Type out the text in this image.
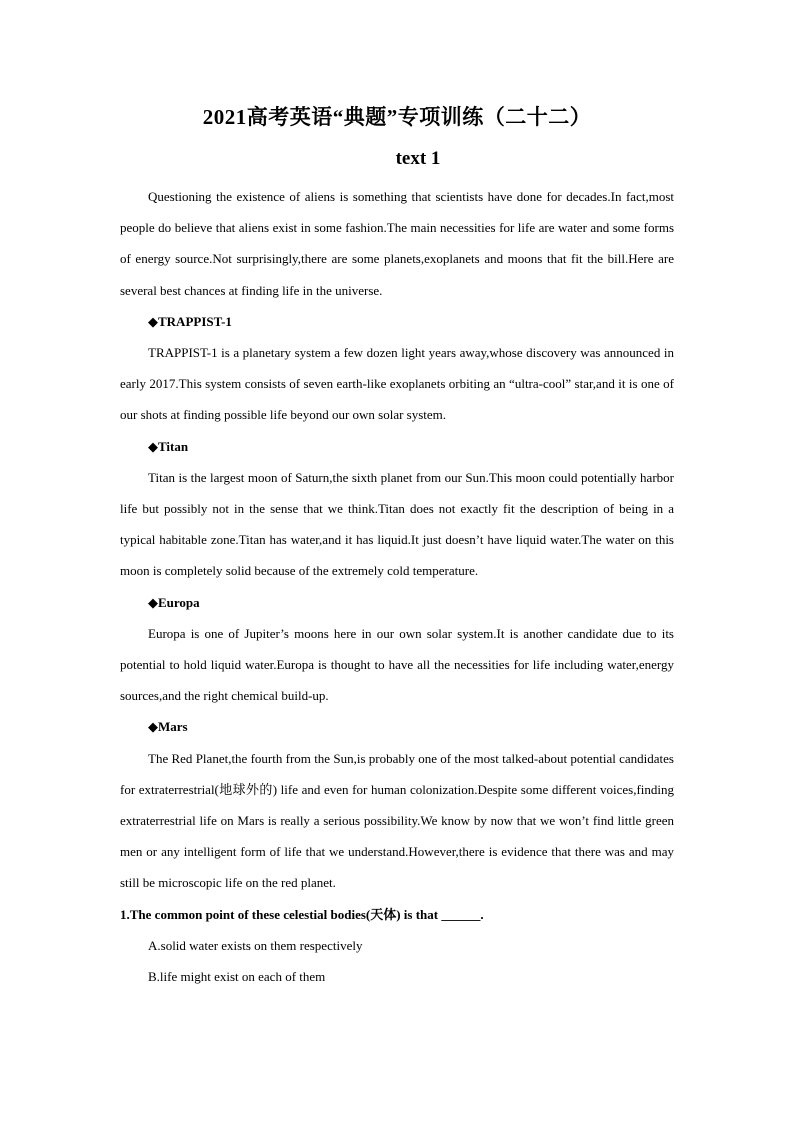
2021高考英语“典题”专项训练（二十二）
text 1

Questioning the existence of aliens is something that scientists have done for decades.In fact,most people do believe that aliens exist in some fashion.The main necessities for life are water and some forms of energy source.Not surprisingly,there are some planets,exoplanets and moons that fit the bill.Here are several best chances at finding life in the universe.

◆TRAPPIST-1

TRAPPIST-1 is a planetary system a few dozen light years away,whose discovery was announced in early 2017.This system consists of seven earth-like exoplanets orbiting an “ultra-cool” star,and it is one of our shots at finding possible life beyond our own solar system.

◆Titan

Titan is the largest moon of Saturn,the sixth planet from our Sun.This moon could potentially harbor life but possibly not in the sense that we think.Titan does not exactly fit the description of being in a typical habitable zone.Titan has water,and it has liquid.It just doesn’t have liquid water.The water on this moon is completely solid because of the extremely cold temperature.

◆Europa

Europa is one of Jupiter’s moons here in our own solar system.It is another candidate due to its potential to hold liquid water.Europa is thought to have all the necessities for life including water,energy sources,and the right chemical build-up.

◆Mars

The Red Planet,the fourth from the Sun,is probably one of the most talked-about potential candidates for extraterrestrial(地球外的) life and even for human colonization.Despite some different voices,finding extraterrestrial life on Mars is really a serious possibility.We know by now that we won’t find little green men or any intelligent form of life that we understand.However,there is evidence that there was and may still be microscopic life on the red planet.

1.The common point of these celestial bodies(天体) is that ______.

A.solid water exists on them respectively

B.life might exist on each of them
